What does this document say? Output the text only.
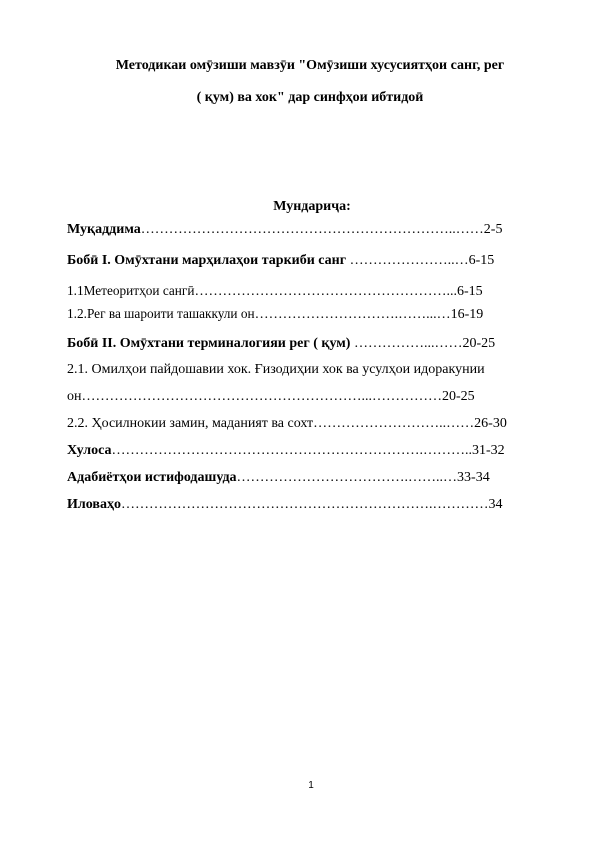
Методикаи омӯзиши мавзӯи "Омӯзиши хусусиятҳои санг, рег

( қум) ва хок" дар синфҳои ибтидоӣ

Мундариҷа:
Муқаддима…………………………………………………………..……2-5
Бобӣ I. Омӯхтани марҳилаҳои таркиби санг …………………..…6-15
1.1Метеоритҳои сангӣ………………………………………………...6-15
1.2.Рег ва шароити ташаккули он………………………….……...…16-19
Бобӣ II. Омӯхтани терминалогияи рег ( қум) ……………...……20-25
2.1. Омилҳои пайдошавии хок. Ғизодиҳии хок ва усулҳои идоракунии
он……………………………………………………...……………20-25
2.2. Ҳосилнокии замин, маданият ва сохт………………………..……26-30
Хулоса………………………………………………………….………..31-32
Адабиётҳои истифодашуда……………………………….……..…33-34
Иловаҳо………………………………………………………….…………34
1
